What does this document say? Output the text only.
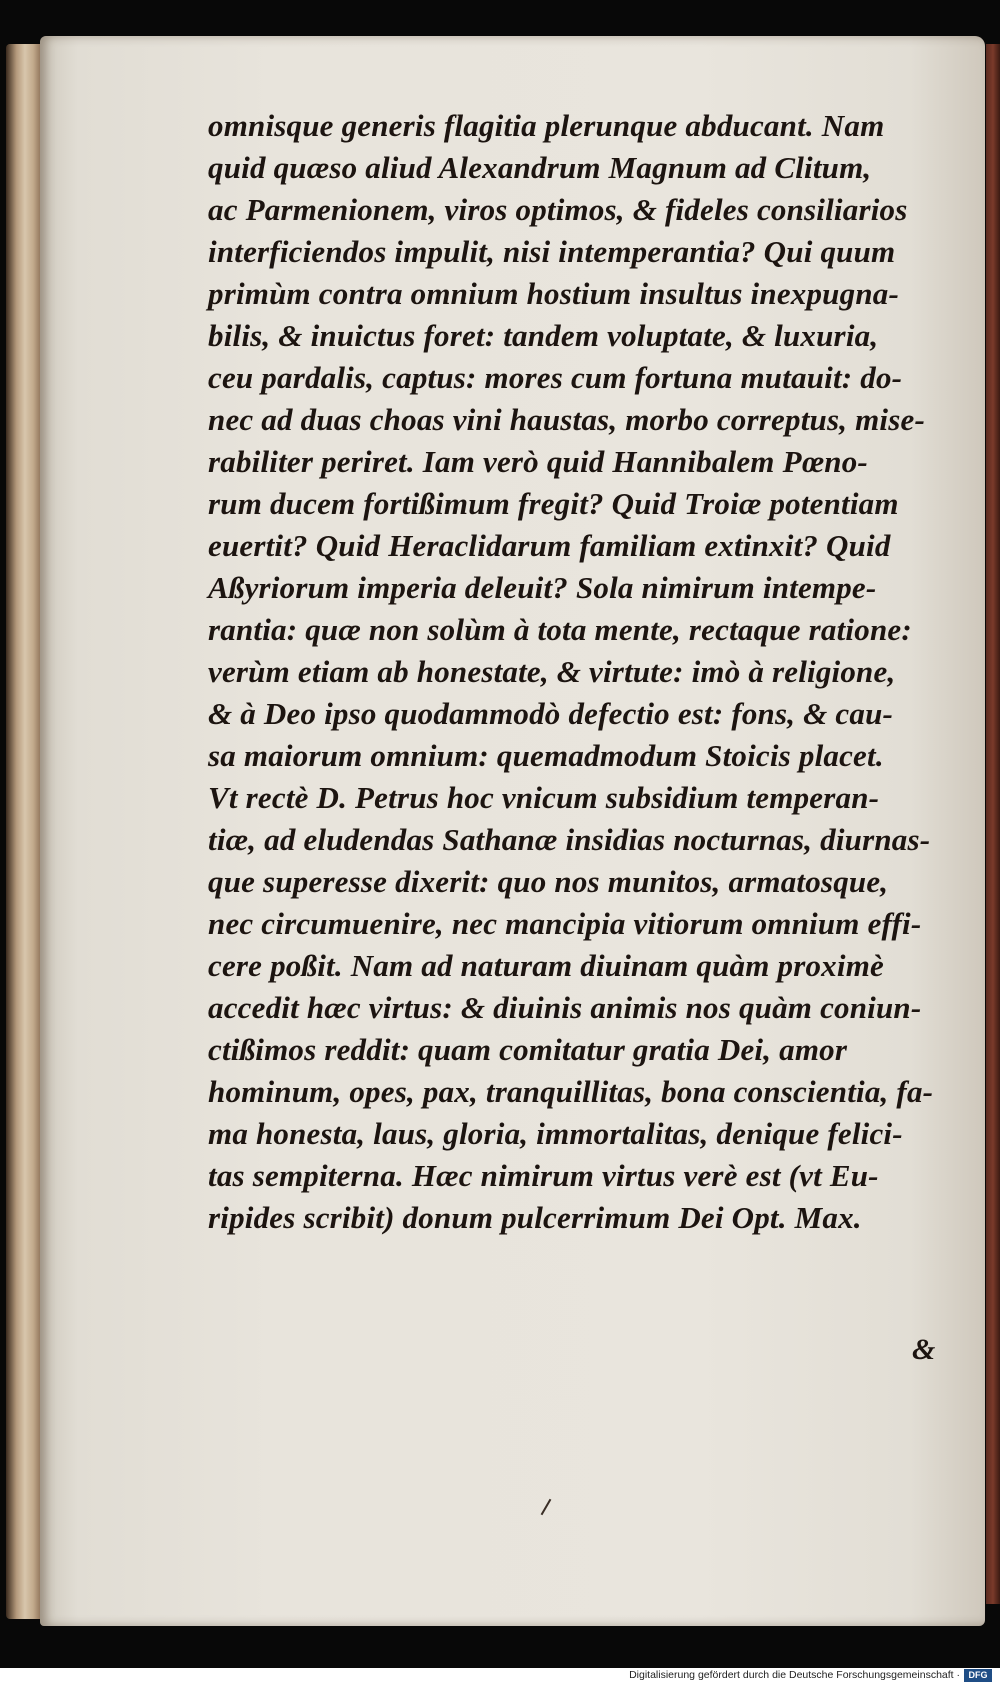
omnisque generis flagitia plerunque abducant. Nam
quid quæso aliud Alexandrum Magnum ad Clitum,
ac Parmenionem, viros optimos, & fideles consiliarios
interficiendos impulit, nisi intemperantia? Qui quum
primùm contra omnium hostium insultus inexpugna-
bilis, & inuictus foret: tandem voluptate, & luxuria,
ceu pardalis, captus: mores cum fortuna mutauit: do-
nec ad duas choas vini haustas, morbo correptus, mise-
rabiliter periret. Iam verò quid Hannibalem Pœno-
rum ducem fortißimum fregit? Quid Troiæ potentiam
euertit? Quid Heraclidarum familiam extinxit? Quid
Aßyriorum imperia deleuit? Sola nimirum intempe-
rantia: quæ non solùm à tota mente, rectaque ratione:
verùm etiam ab honestate, & virtute: imò à religione,
& à Deo ipso quodammodò defectio est: fons, & cau-
sa maiorum omnium: quemadmodum Stoicis placet.
Vt rectè D. Petrus hoc vnicum subsidium temperan-
tiæ, ad eludendas Sathanæ insidias nocturnas, diurnas-
que superesse dixerit: quo nos munitos, armatosque,
nec circumuenire, nec mancipia vitiorum omnium effi-
cere poßit. Nam ad naturam diuinam quàm proximè
accedit hæc virtus: & diuinis animis nos quàm coniun-
ctißimos reddit: quam comitatur gratia Dei, amor
hominum, opes, pax, tranquillitas, bona conscientia, fa-
ma honesta, laus, gloria, immortalitas, denique felici-
tas sempiterna. Hæc nimirum virtus verè est (vt Eu-
ripides scribit) donum pulcerrimum Dei Opt. Max.
&
Digitalisierung gefördert durch die Deutsche Forschungsgemeinschaft · DFG
